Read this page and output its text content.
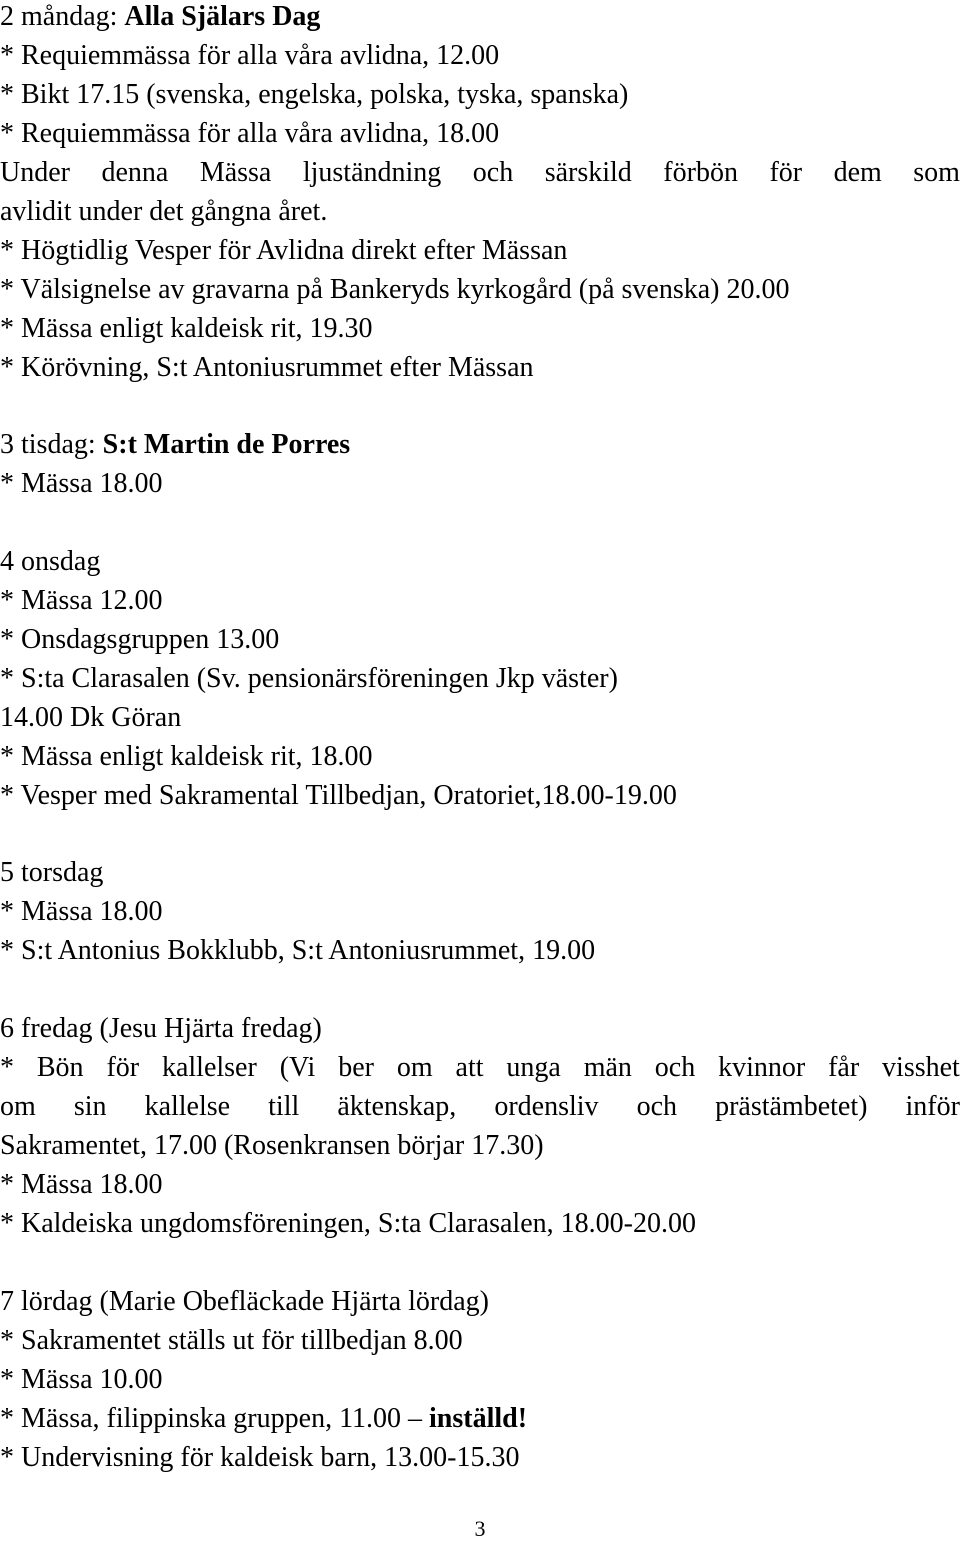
2 måndag: Alla Själars Dag
* Requiemmässa för alla våra avlidna, 12.00
* Bikt 17.15 (svenska, engelska, polska, tyska, spanska)
* Requiemmässa för alla våra avlidna, 18.00
Under denna Mässa ljuständning och särskild förbön för dem som
avlidit under det gångna året.
* Högtidlig Vesper för Avlidna direkt efter Mässan
* Välsignelse av gravarna på Bankeryds kyrkogård (på svenska) 20.00
* Mässa enligt kaldeisk rit, 19.30
* Körövning, S:t Antoniusrummet efter Mässan
3 tisdag: S:t Martin de Porres
* Mässa 18.00
4 onsdag
* Mässa 12.00
* Onsdagsgruppen 13.00
* S:ta Clarasalen (Sv. pensionärsföreningen Jkp väster)
14.00 Dk Göran
* Mässa enligt kaldeisk rit, 18.00
* Vesper med Sakramental Tillbedjan, Oratoriet,18.00-19.00
5 torsdag
* Mässa 18.00
* S:t Antonius Bokklubb, S:t Antoniusrummet, 19.00
6 fredag (Jesu Hjärta fredag)
* Bön för kallelser (Vi ber om att unga män och kvinnor får visshet
om sin kallelse till äktenskap, ordensliv och prästämbetet) inför
Sakramentet, 17.00 (Rosenkransen börjar 17.30)
* Mässa 18.00
* Kaldeiska ungdomsföreningen, S:ta Clarasalen, 18.00-20.00
7 lördag (Marie Obefläckade Hjärta lördag)
* Sakramentet ställs ut för tillbedjan 8.00
* Mässa 10.00
* Mässa, filippinska gruppen, 11.00 – inställd!
* Undervisning för kaldeisk barn, 13.00-15.30
3
